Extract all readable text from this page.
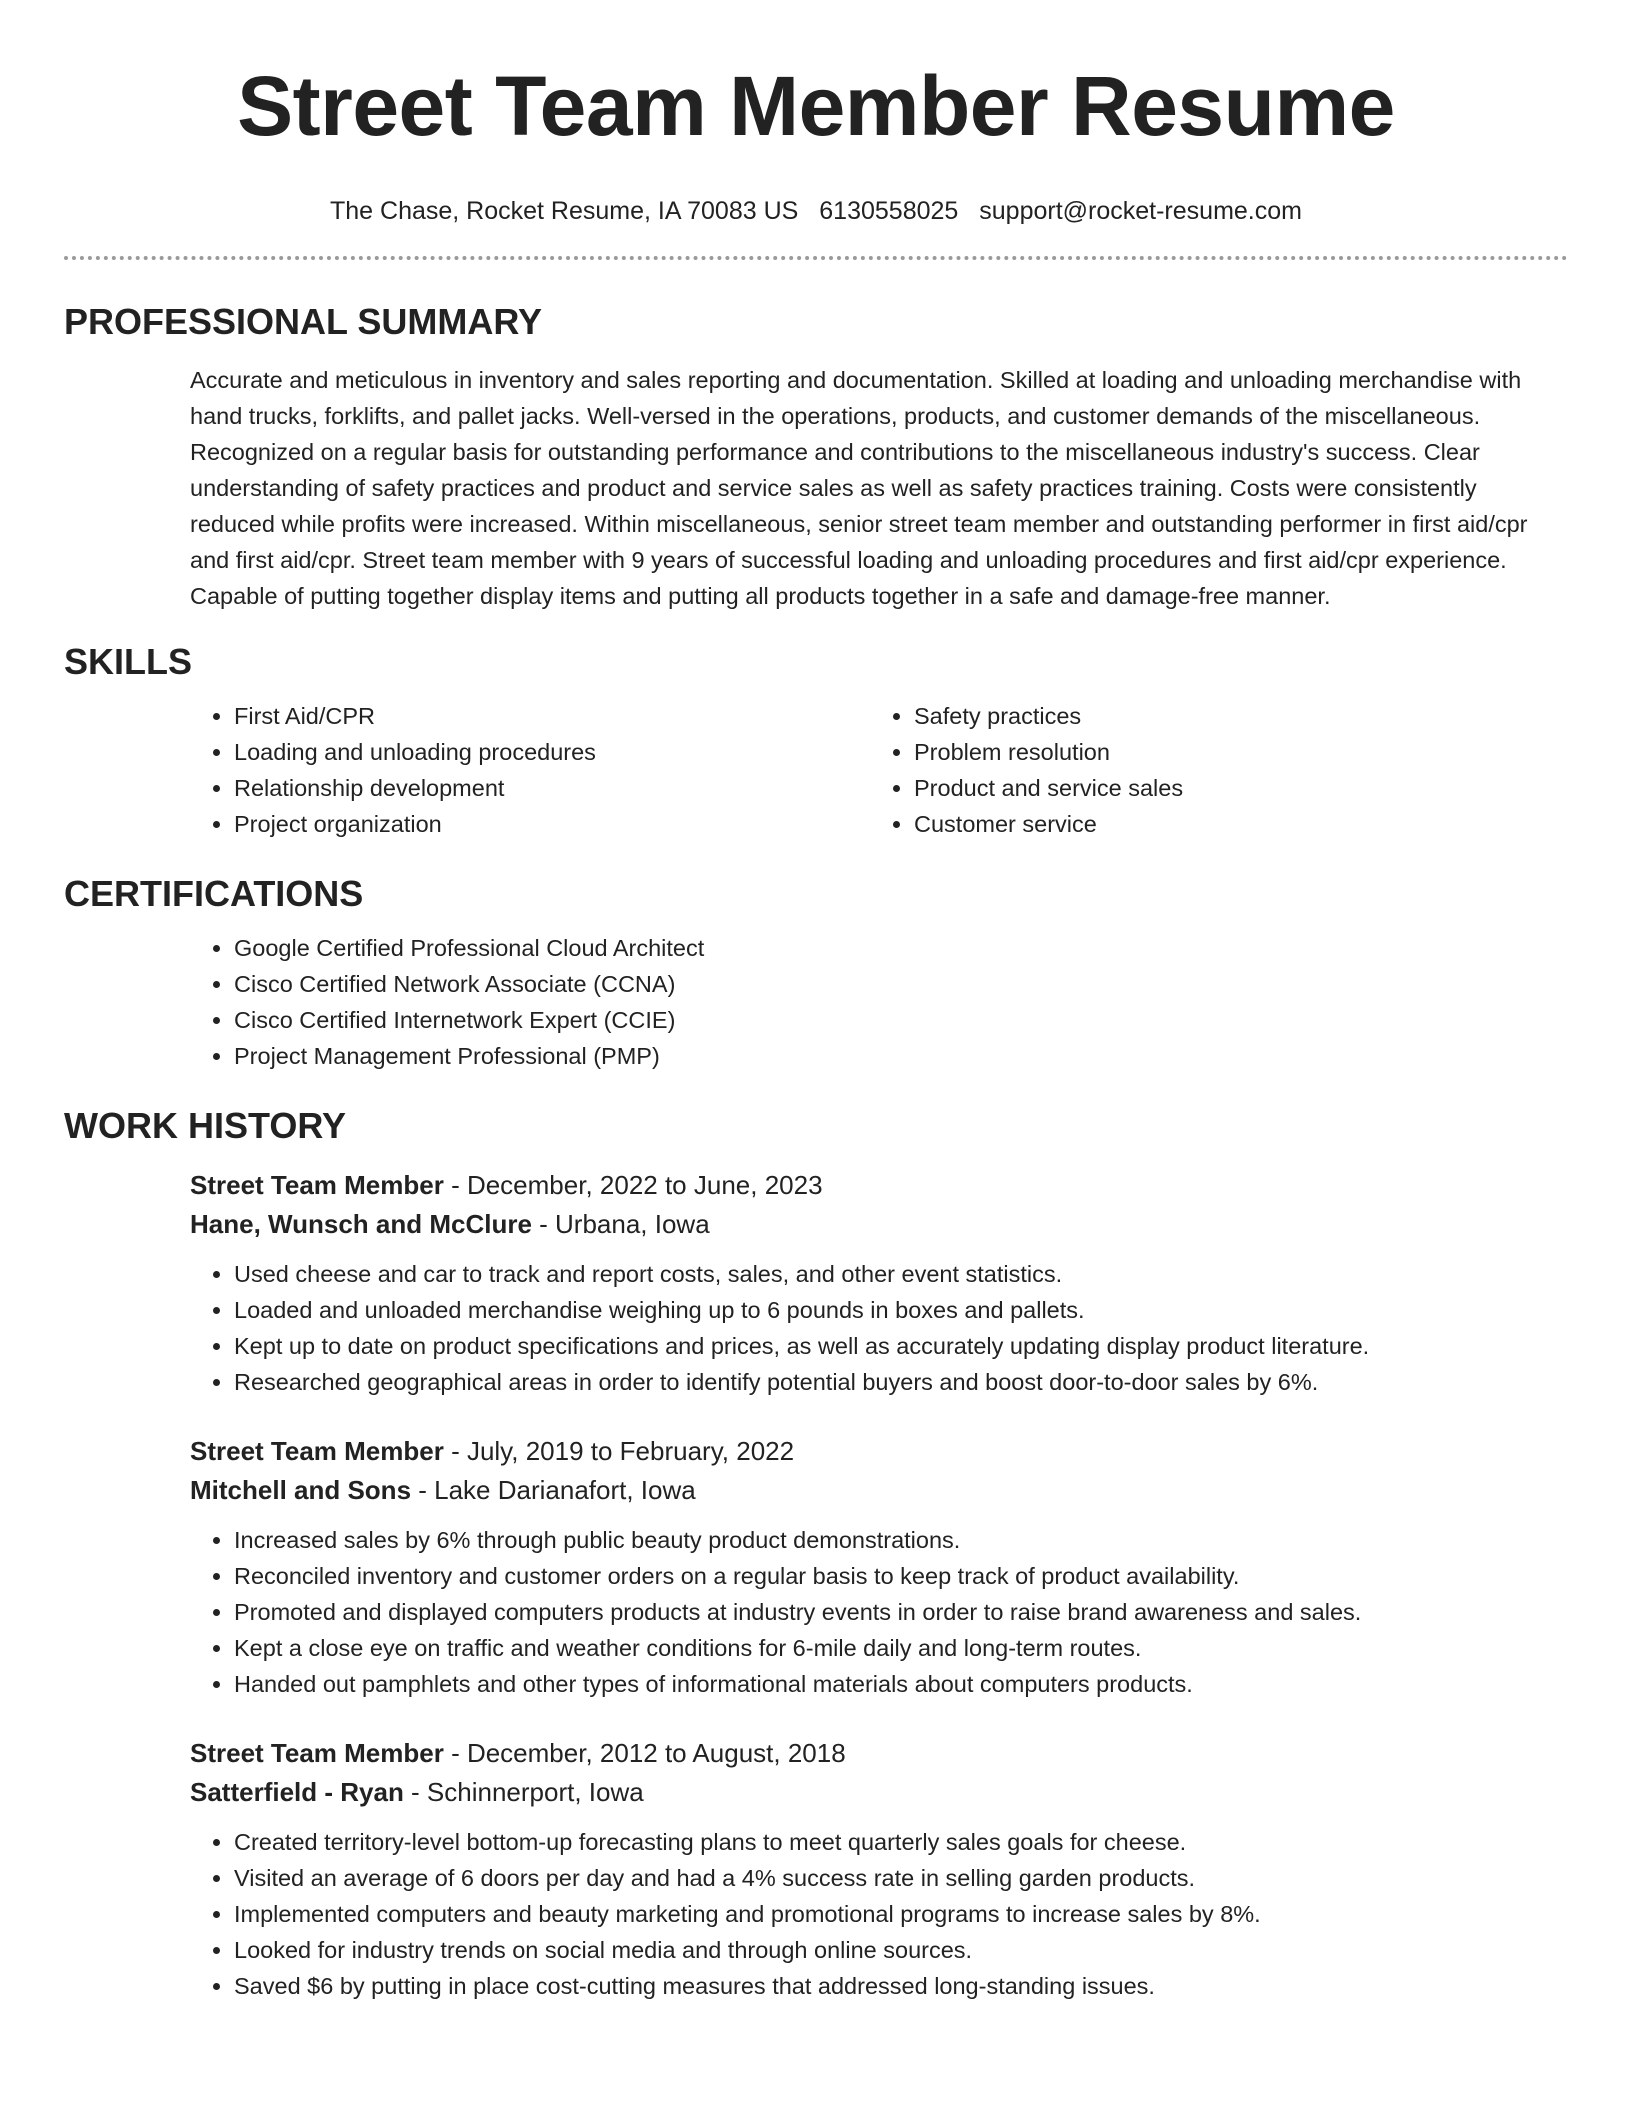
Street Team Member Resume
The Chase, Rocket Resume, IA 70083 US 6130558025 support@rocket-resume.com
PROFESSIONAL SUMMARY

Accurate and meticulous in inventory and sales reporting and documentation. Skilled at loading and unloading merchandise with hand trucks, forklifts, and pallet jacks. Well-versed in the operations, products, and customer demands of the miscellaneous. Recognized on a regular basis for outstanding performance and contributions to the miscellaneous industry's success. Clear understanding of safety practices and product and service sales as well as safety practices training. Costs were consistently reduced while profits were increased. Within miscellaneous, senior street team member and outstanding performer in first aid/cpr and first aid/cpr. Street team member with 9 years of successful loading and unloading procedures and first aid/cpr experience. Capable of putting together display items and putting all products together in a safe and damage-free manner.

SKILLS
• First Aid/CPR
• Loading and unloading procedures
• Relationship development
• Project organization
• Safety practices
• Problem resolution
• Product and service sales
• Customer service
CERTIFICATIONS
• Google Certified Professional Cloud Architect
• Cisco Certified Network Associate (CCNA)
• Cisco Certified Internetwork Expert (CCIE)
• Project Management Professional (PMP)
WORK HISTORY
Street Team Member - December, 2022 to June, 2023
Hane, Wunsch and McClure - Urbana, Iowa
• Used cheese and car to track and report costs, sales, and other event statistics.
• Loaded and unloaded merchandise weighing up to 6 pounds in boxes and pallets.
• Kept up to date on product specifications and prices, as well as accurately updating display product literature.
• Researched geographical areas in order to identify potential buyers and boost door-to-door sales by 6%.
Street Team Member - July, 2019 to February, 2022
Mitchell and Sons - Lake Darianafort, Iowa
• Increased sales by 6% through public beauty product demonstrations.
• Reconciled inventory and customer orders on a regular basis to keep track of product availability.
• Promoted and displayed computers products at industry events in order to raise brand awareness and sales.
• Kept a close eye on traffic and weather conditions for 6-mile daily and long-term routes.
• Handed out pamphlets and other types of informational materials about computers products.
Street Team Member - December, 2012 to August, 2018
Satterfield - Ryan - Schinnerport, Iowa
• Created territory-level bottom-up forecasting plans to meet quarterly sales goals for cheese.
• Visited an average of 6 doors per day and had a 4% success rate in selling garden products.
• Implemented computers and beauty marketing and promotional programs to increase sales by 8%.
• Looked for industry trends on social media and through online sources.
• Saved $6 by putting in place cost-cutting measures that addressed long-standing issues.
